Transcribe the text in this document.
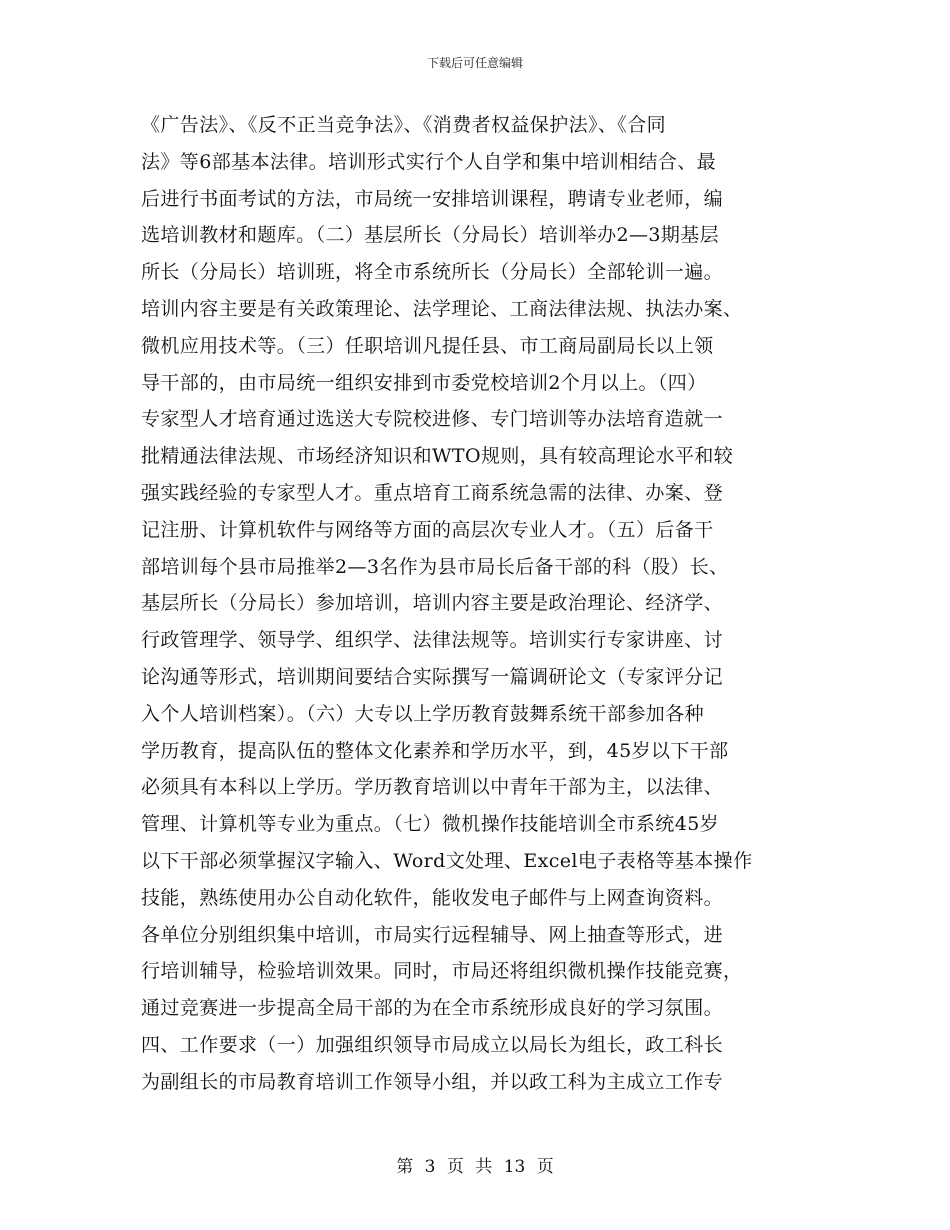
下载后可任意编辑
《广告法》、《反不正当竞争法》、《消费者权益保护法》、《合同
法》等6部基本法律。培训形式实行个人自学和集中培训相结合、最
后进行书面考试的方法，市局统一安排培训课程，聘请专业老师，编
选培训教材和题库。（二）基层所长（分局长）培训举办2—3期基层
所长（分局长）培训班，将全市系统所长（分局长）全部轮训一遍。
培训内容主要是有关政策理论、法学理论、工商法律法规、执法办案、
微机应用技术等。（三）任职培训凡提任县、市工商局副局长以上领
导干部的，由市局统一组织安排到市委党校培训2个月以上。（四）
专家型人才培育通过选送大专院校进修、专门培训等办法培育造就一
批精通法律法规、市场经济知识和WTO规则，具有较高理论水平和较
强实践经验的专家型人才。重点培育工商系统急需的法律、办案、登
记注册、计算机软件与网络等方面的高层次专业人才。（五）后备干
部培训每个县市局推举2—3名作为县市局长后备干部的科（股）长、
基层所长（分局长）参加培训，培训内容主要是政治理论、经济学、
行政管理学、领导学、组织学、法律法规等。培训实行专家讲座、讨
论沟通等形式，培训期间要结合实际撰写一篇调研论文（专家评分记
入个人培训档案）。（六）大专以上学历教育鼓舞系统干部参加各种
学历教育，提高队伍的整体文化素养和学历水平，到，45岁以下干部
必须具有本科以上学历。学历教育培训以中青年干部为主，以法律、
管理、计算机等专业为重点。（七）微机操作技能培训全市系统45岁
以下干部必须掌握汉字输入、Word文处理、Excel电子表格等基本操作
技能，熟练使用办公自动化软件，能收发电子邮件与上网查询资料。
各单位分别组织集中培训，市局实行远程辅导、网上抽查等形式，进
行培训辅导，检验培训效果。同时，市局还将组织微机操作技能竞赛，
通过竞赛进一步提高全局干部的为在全市系统形成良好的学习氛围。
四、工作要求（一）加强组织领导市局成立以局长为组长，政工科长
为副组长的市局教育培训工作领导小组，并以政工科为主成立工作专
第 3 页 共 13 页
